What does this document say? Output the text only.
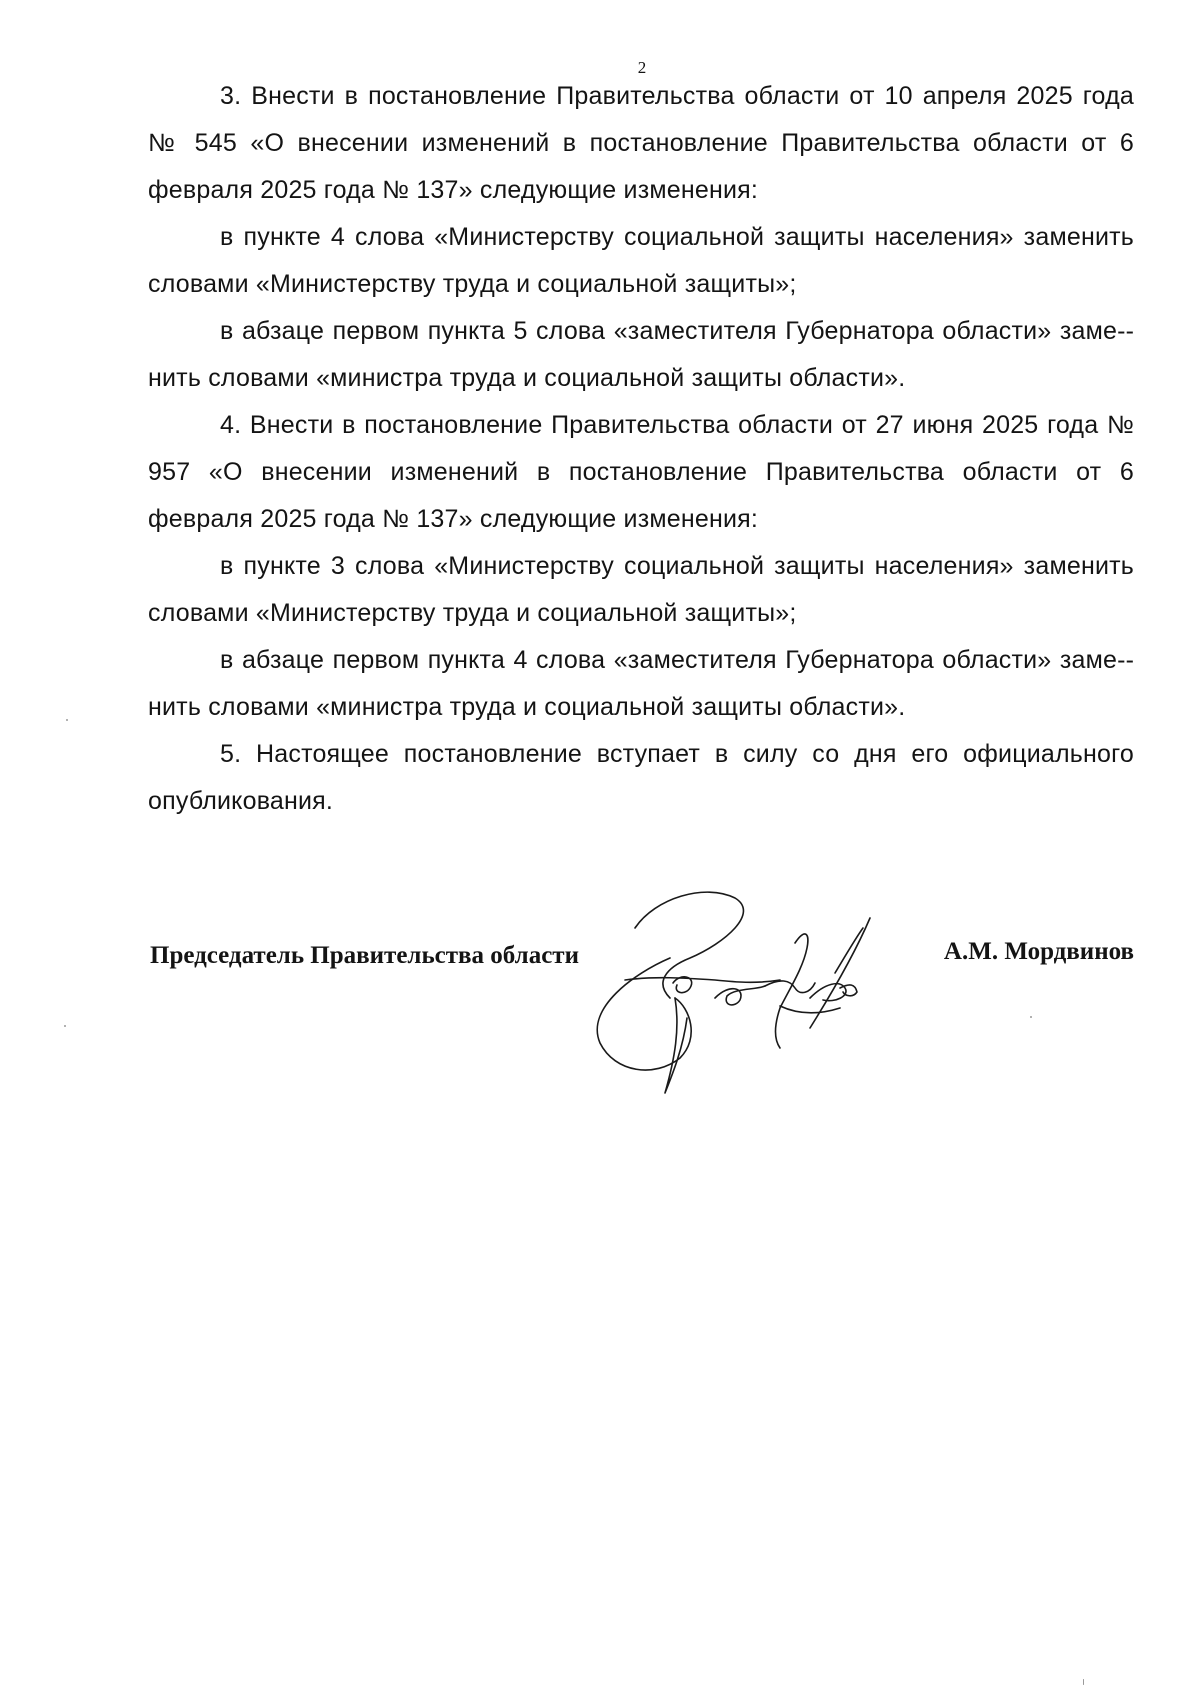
2

3. Внести в постановление Правительства области от 10 апреля 2025 года № 545 «О внесении изменений в постановление Правительства области от 6 февраля 2025 года № 137» следующие изменения:

в пункте 4 слова «Министерству социальной защиты населения» заменить словами «Министерству труда и социальной защиты»;

в абзаце первом пункта 5 слова «заместителя Губернатора области» заме-нить словами «министра труда и социальной защиты области».

4. Внести в постановление Правительства области от 27 июня 2025 года № 957 «О внесении изменений в постановление Правительства области от 6 февраля 2025 года № 137» следующие изменения:

в пункте 3 слова «Министерству социальной защиты населения» заменить словами «Министерству труда и социальной защиты»;

в абзаце первом пункта 4 слова «заместителя Губернатора области» заме-нить словами «министра труда и социальной защиты области».

5. Настоящее постановление вступает в силу со дня его официального опубликования.

Председатель Правительства области	А.М. Мордвинов
